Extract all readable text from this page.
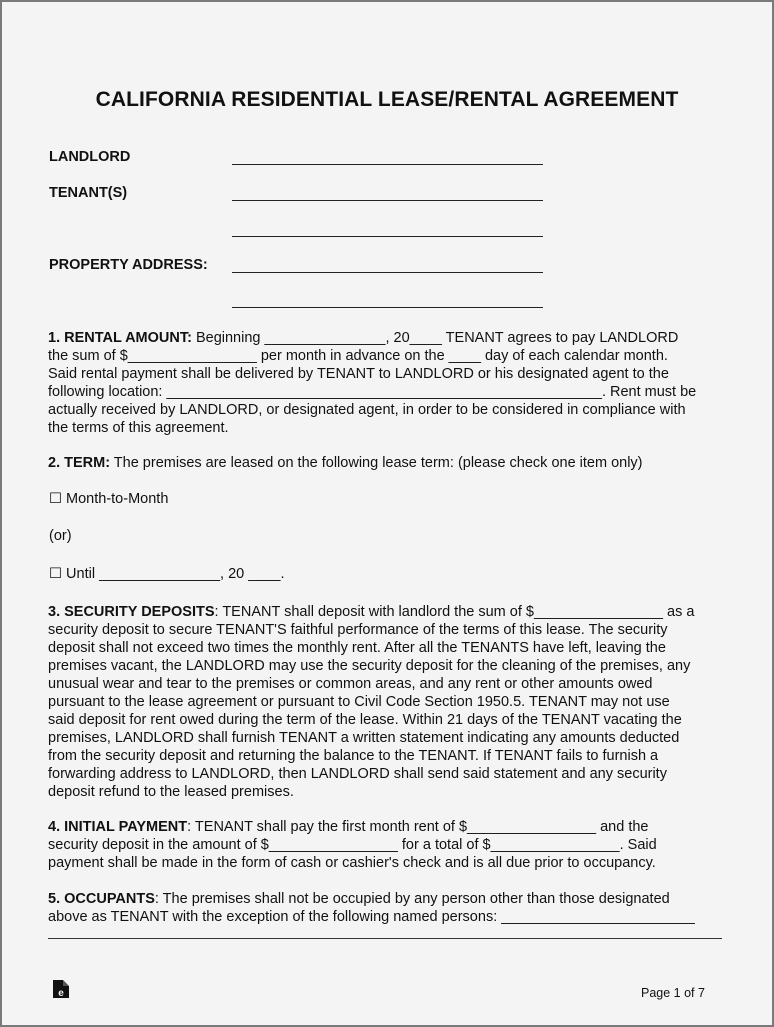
CALIFORNIA RESIDENTIAL LEASE/RENTAL AGREEMENT
LANDLORD
TENANT(S)
PROPERTY ADDRESS:
1. RENTAL AMOUNT: Beginning _______________, 20____ TENANT agrees to pay LANDLORD
the sum of $________________ per month in advance on the ____ day of each calendar month.
Said rental payment shall be delivered by TENANT to LANDLORD or his designated agent to the
following location: ______________________________________________________. Rent must be
actually received by LANDLORD, or designated agent, in order to be considered in compliance with
the terms of this agreement.
2. TERM: The premises are leased on the following lease term: (please check one item only)
☐ Month-to-Month
(or)
☐ Until _______________, 20 ____.
3. SECURITY DEPOSITS: TENANT shall deposit with landlord the sum of $________________ as a
security deposit to secure TENANT'S faithful performance of the terms of this lease. The security
deposit shall not exceed two times the monthly rent. After all the TENANTS have left, leaving the
premises vacant, the LANDLORD may use the security deposit for the cleaning of the premises, any
unusual wear and tear to the premises or common areas, and any rent or other amounts owed
pursuant to the lease agreement or pursuant to Civil Code Section 1950.5. TENANT may not use
said deposit for rent owed during the term of the lease. Within 21 days of the TENANT vacating the
premises, LANDLORD shall furnish TENANT a written statement indicating any amounts deducted
from the security deposit and returning the balance to the TENANT. If TENANT fails to furnish a
forwarding address to LANDLORD, then LANDLORD shall send said statement and any security
deposit refund to the leased premises.
4. INITIAL PAYMENT: TENANT shall pay the first month rent of $________________ and the
security deposit in the amount of $________________ for a total of $________________. Said
payment shall be made in the form of cash or cashier's check and is all due prior to occupancy.
5. OCCUPANTS: The premises shall not be occupied by any person other than those designated
above as TENANT with the exception of the following named persons: ________________________
e	Page 1 of 7
